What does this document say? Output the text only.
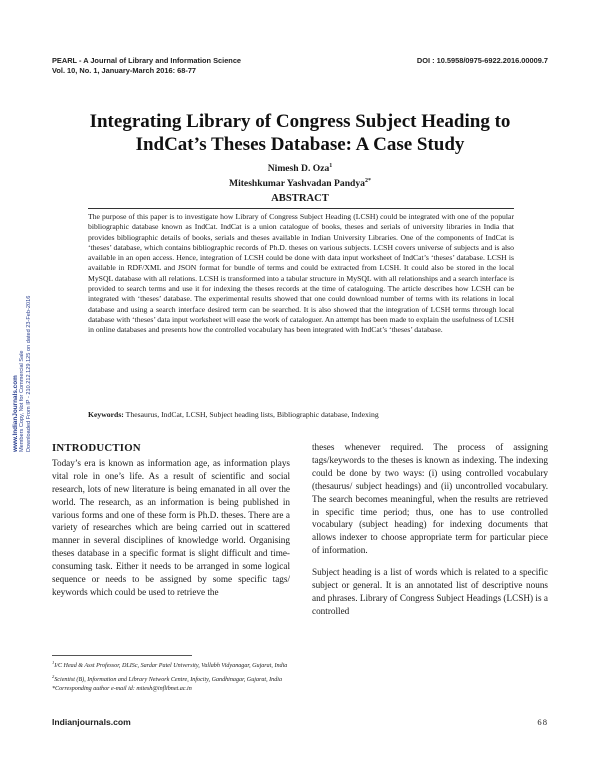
PEARL - A Journal of Library and Information Science
Vol. 10, No. 1, January-March 2016: 68-77
DOI : 10.5958/0975-6922.2016.00009.7
Integrating Library of Congress Subject Heading to
IndCat’s Theses Database: A Case Study
Nimesh D. Oza$^1$
Miteshkumar Yashvadan Pandya$^{2*}$
ABSTRACT
The purpose of this paper is to investigate how Library of Congress Subject Heading (LCSH) could be integrated with one of the popular bibliographic database known as IndCat. IndCat is a union catalogue of books, theses and serials of university libraries in India that provides bibliographic details of books, serials and theses available in Indian University Libraries. One of the components of IndCat is ‘theses’ database, which contains bibliographic records of Ph.D. theses on various subjects. LCSH covers universe of subjects and is also available in an open access. Hence, integration of LCSH could be done with data input worksheet of IndCat’s ‘theses’ database. LCSH is available in RDF/XML and JSON format for bundle of terms and could be extracted from LCSH. It could also be stored in the local MySQL database with all relations. LCSH is transformed into a tabular structure in MySQL with all relationships and a search interface is provided to search terms and use it for indexing the theses records at the time of cataloguing. The article describes how LCSH can be integrated with ‘theses’ database. The experimental results showed that one could download number of terms with its relations in local database and using a search interface desired term can be searched. It is also showed that the integration of LCSH terms through local database with ‘theses’ data input worksheet will ease the work of cataloguer. An attempt has been made to explain the usefulness of LCSH in online databases and presents how the controlled vocabulary has been integrated with IndCat’s ‘theses’ database.
Keywords: Thesaurus, IndCat, LCSH, Subject heading lists, Bibliographic database, Indexing
www.IndianJournals.com Members Copy, Not for Commercial Sale Downloaded From IP - 210.212.129.125 on dated 23-Feb-2016 INTRODUCTION

Today’s era is known as information age, as information plays vital role in one’s life. As a result of scientific and social research, lots of new literature is being emanated in all over the world. The research, as an information is being published in various forms and one of these form is Ph.D. theses. There are a variety of researches which are being carried out in scattered manner in several disciplines of knowledge world. Organising theses database in a specific format is slight difficult and time-consuming task. Either it needs to be arranged in some logical sequence or needs to be assigned by some specific tags/ keywords which could be used to retrieve the

theses whenever required. The process of assigning tags/keywords to the theses is known as indexing. The indexing could be done by two ways: (i) using controlled vocabulary (thesaurus/ subject headings) and (ii) uncontrolled vocabulary. The search becomes meaningful, when the results are retrieved in specific time period; thus, one has to use controlled vocabulary (subject heading) for indexing documents that allows indexer to choose appropriate term for particular piece of information.

Subject heading is a list of words which is related to a specific subject or general. It is an annotated list of descriptive nouns and phrases. Library of Congress Subject Headings (LCSH) is a controlled

$^1$I/C Head & Asst Professor, DLISc, Sardar Patel University, Vallabh Vidyanagar, Gujarat, India
$^2$Scientist (B), Information and Library Network Centre, Infocity, Gandhinagar, Gujarat, India
*Corresponding author e-mail id: mitesh@inflibnet.ac.in
Indianjournals.com	68
